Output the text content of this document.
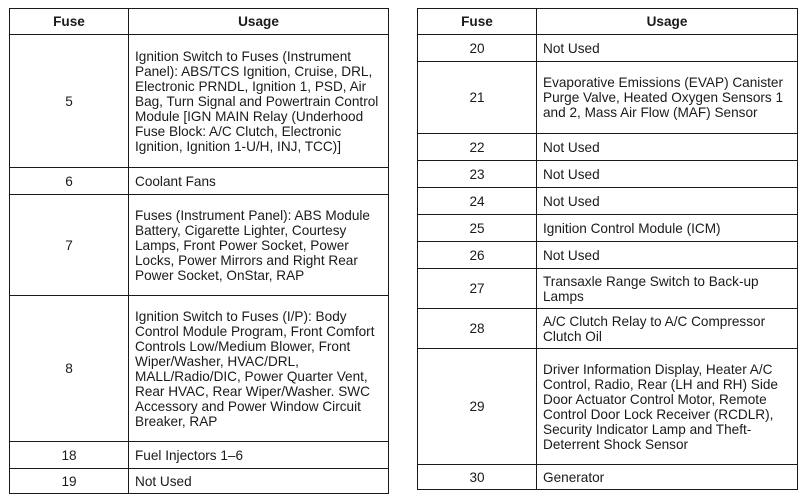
Fuse	Usage
5	Ignition Switch to Fuses (Instrument Panel): ABS/TCS Ignition, Cruise, DRL, Electronic PRNDL, Ignition 1, PSD, Air Bag, Turn Signal and Powertrain Control Module [IGN MAIN Relay (Underhood Fuse Block: A/C Clutch, Electronic Ignition, Ignition 1-U/H, INJ, TCC)]
6	Coolant Fans
7	Fuses (Instrument Panel): ABS Module Battery, Cigarette Lighter, Courtesy Lamps, Front Power Socket, Power Locks, Power Mirrors and Right Rear Power Socket, OnStar, RAP
8	Ignition Switch to Fuses (I/P): Body Control Module Program, Front Comfort Controls Low/Medium Blower, Front Wiper/Washer, HVAC/DRL, MALL/Radio/DIC, Power Quarter Vent, Rear HVAC, Rear Wiper/Washer. SWC Accessory and Power Window Circuit Breaker, RAP
18	Fuel Injectors 1–6
19	Not Used
Fuse	Usage
20	Not Used
21	Evaporative Emissions (EVAP) Canister Purge Valve, Heated Oxygen Sensors 1 and 2, Mass Air Flow (MAF) Sensor
22	Not Used
23	Not Used
24	Not Used
25	Ignition Control Module (ICM)
26	Not Used
27	Transaxle Range Switch to Back-up Lamps
28	A/C Clutch Relay to A/C Compressor Clutch Oil
29	Driver Information Display, Heater A/C Control, Radio, Rear (LH and RH) Side Door Actuator Control Motor, Remote Control Door Lock Receiver (RCDLR), Security Indicator Lamp and Theft-Deterrent Shock Sensor
30	Generator
